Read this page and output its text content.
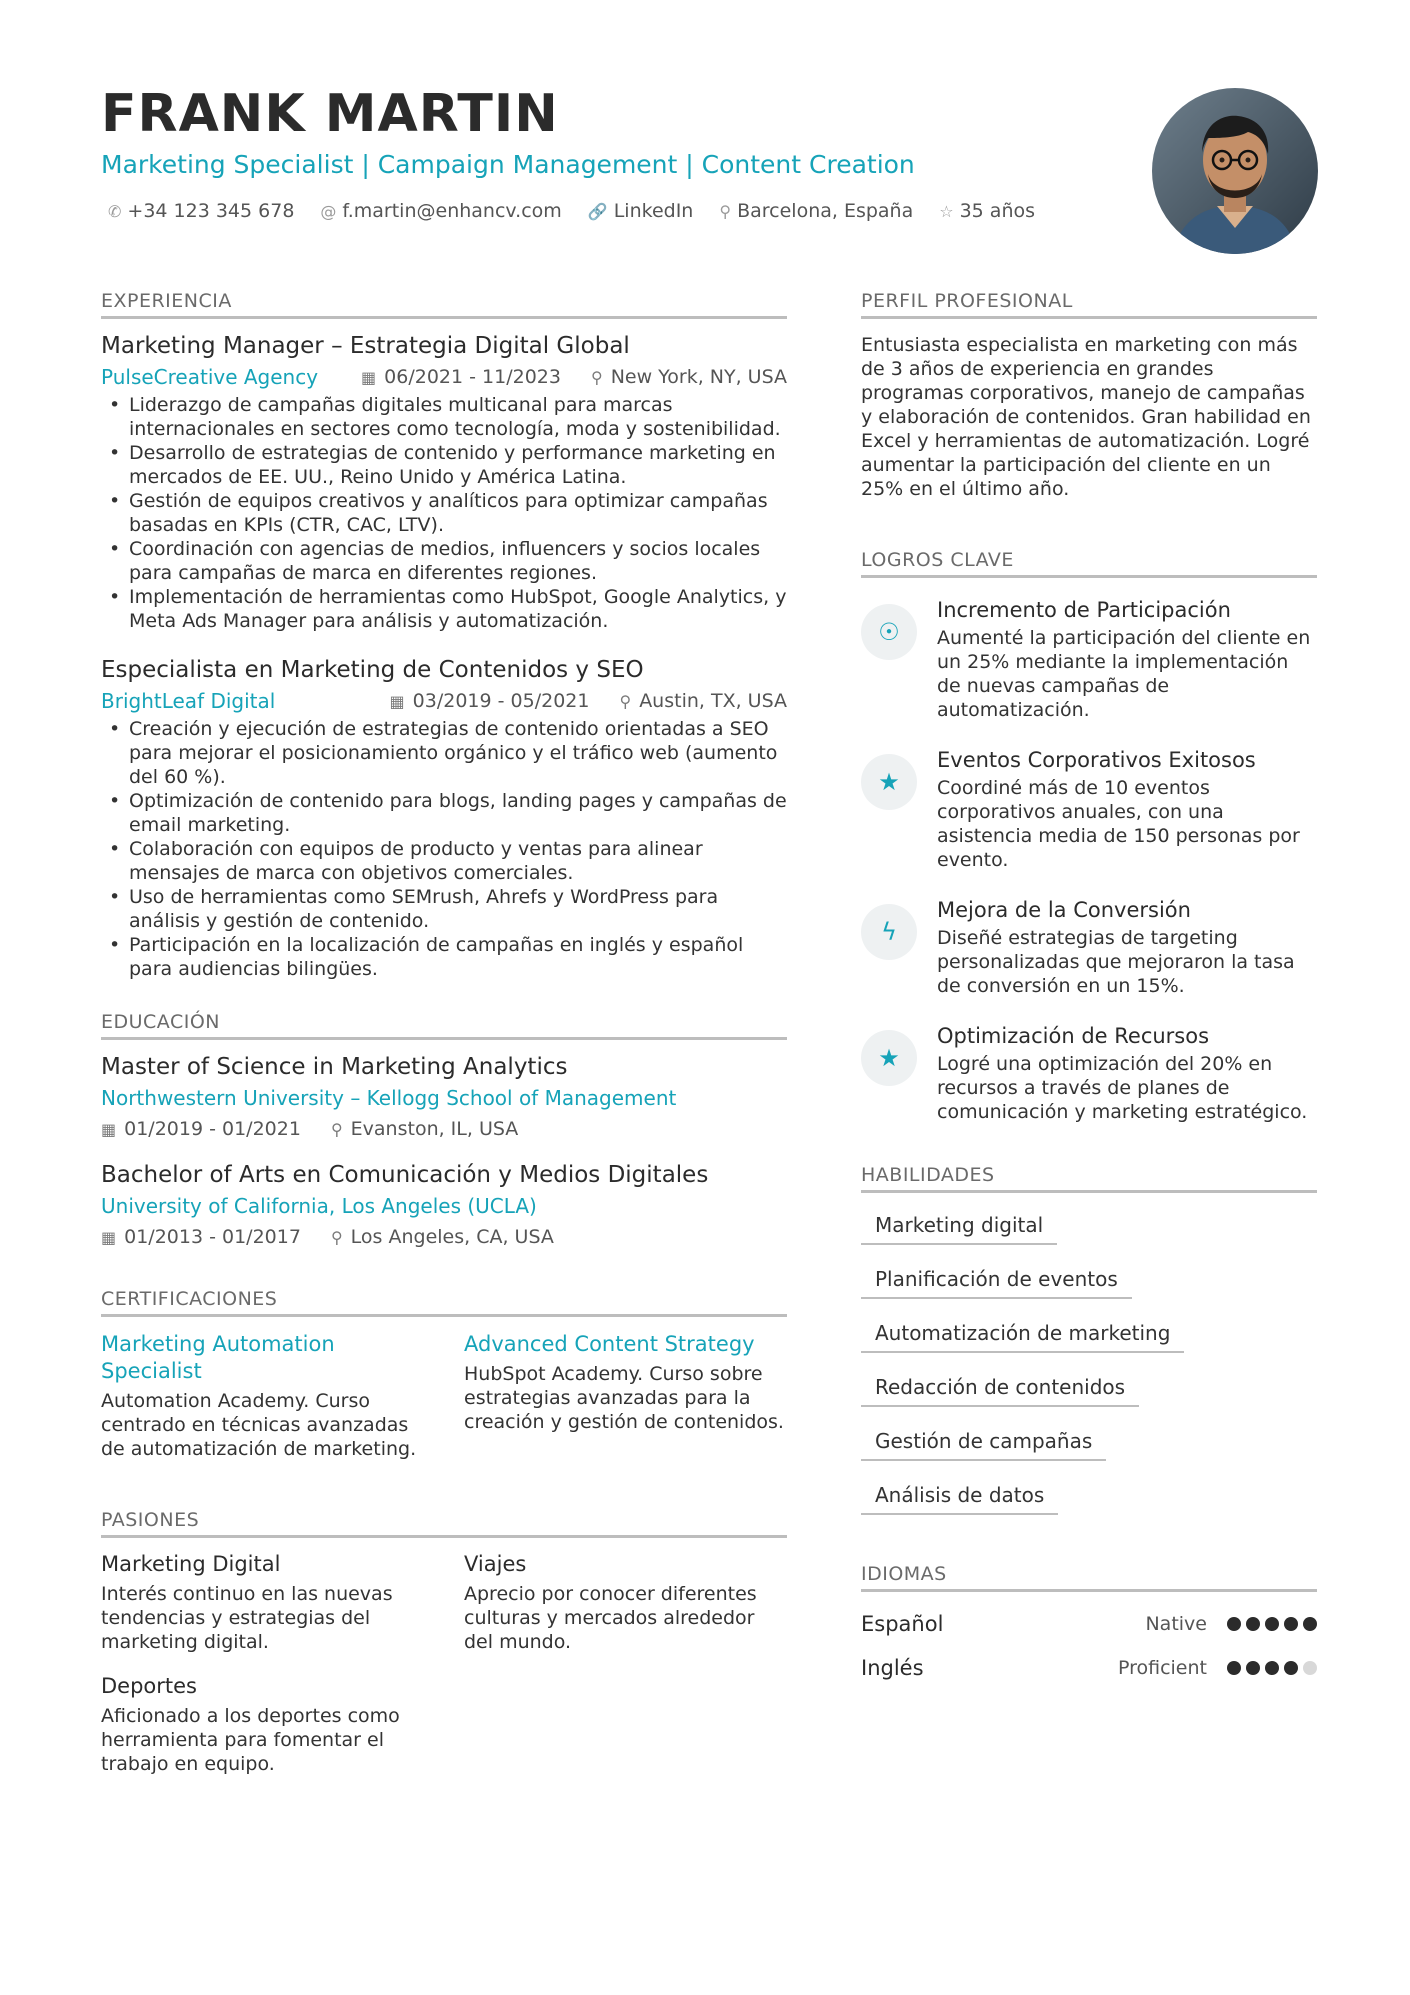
FRANK MARTIN
Marketing Specialist | Campaign Management | Content Creation
✆ +34 123 345 678 @ f.martin@enhancv.com 🔗 LinkedIn ⚲ Barcelona, España ☆ 35 años
EXPERIENCIA
Marketing Manager – Estrategia Digital Global
PulseCreative Agency	▦ 06/2021 - 11/2023 ⚲ New York, NY, USA
• Liderazgo de campañas digitales multicanal para marcas internacionales en sectores como tecnología, moda y sostenibilidad.
• Desarrollo de estrategias de contenido y performance marketing en mercados de EE. UU., Reino Unido y América Latina.
• Gestión de equipos creativos y analíticos para optimizar campañas basadas en KPIs (CTR, CAC, LTV).
• Coordinación con agencias de medios, influencers y socios locales para campañas de marca en diferentes regiones.
• Implementación de herramientas como HubSpot, Google Analytics, y Meta Ads Manager para análisis y automatización.
Especialista en Marketing de Contenidos y SEO
BrightLeaf Digital	▦ 03/2019 - 05/2021 ⚲ Austin, TX, USA
• Creación y ejecución de estrategias de contenido orientadas a SEO para mejorar el posicionamiento orgánico y el tráfico web (aumento del 60 %).
• Optimización de contenido para blogs, landing pages y campañas de email marketing.
• Colaboración con equipos de producto y ventas para alinear mensajes de marca con objetivos comerciales.
• Uso de herramientas como SEMrush, Ahrefs y WordPress para análisis y gestión de contenido.
• Participación en la localización de campañas en inglés y español para audiencias bilingües.
EDUCACIÓN
Master of Science in Marketing Analytics
Northwestern University – Kellogg School of Management
▦ 01/2019 - 01/2021 ⚲ Evanston, IL, USA
Bachelor of Arts en Comunicación y Medios Digitales
University of California, Los Angeles (UCLA)
▦ 01/2013 - 01/2017 ⚲ Los Angeles, CA, USA
CERTIFICACIONES
Marketing Automation Specialist
Automation Academy. Curso centrado en técnicas avanzadas de automatización de marketing.
Advanced Content Strategy
HubSpot Academy. Curso sobre estrategias avanzadas para la creación y gestión de contenidos.
PASIONES
Marketing Digital
Interés continuo en las nuevas tendencias y estrategias del marketing digital.
Viajes
Aprecio por conocer diferentes culturas y mercados alrededor del mundo.
Deportes
Aficionado a los deportes como herramienta para fomentar el trabajo en equipo.
PERFIL PROFESIONAL
Entusiasta especialista en marketing con más de 3 años de experiencia en grandes programas corporativos, manejo de campañas y elaboración de contenidos. Gran habilidad en Excel y herramientas de automatización. Logré aumentar la participación del cliente en un 25% en el último año.
LOGROS CLAVE
☉
Incremento de Participación
Aumenté la participación del cliente en un 25% mediante la implementación de nuevas campañas de automatización.
★
Eventos Corporativos Exitosos
Coordiné más de 10 eventos corporativos anuales, con una asistencia media de 150 personas por evento.
ϟ
Mejora de la Conversión
Diseñé estrategias de targeting personalizadas que mejoraron la tasa de conversión en un 15%.
★
Optimización de Recursos
Logré una optimización del 20% en recursos a través de planes de comunicación y marketing estratégico.
HABILIDADES
Marketing digital
Planificación de eventos
Automatización de marketing
Redacción de contenidos
Gestión de campañas
Análisis de datos
IDIOMAS
Español	Native
Inglés	Proficient
